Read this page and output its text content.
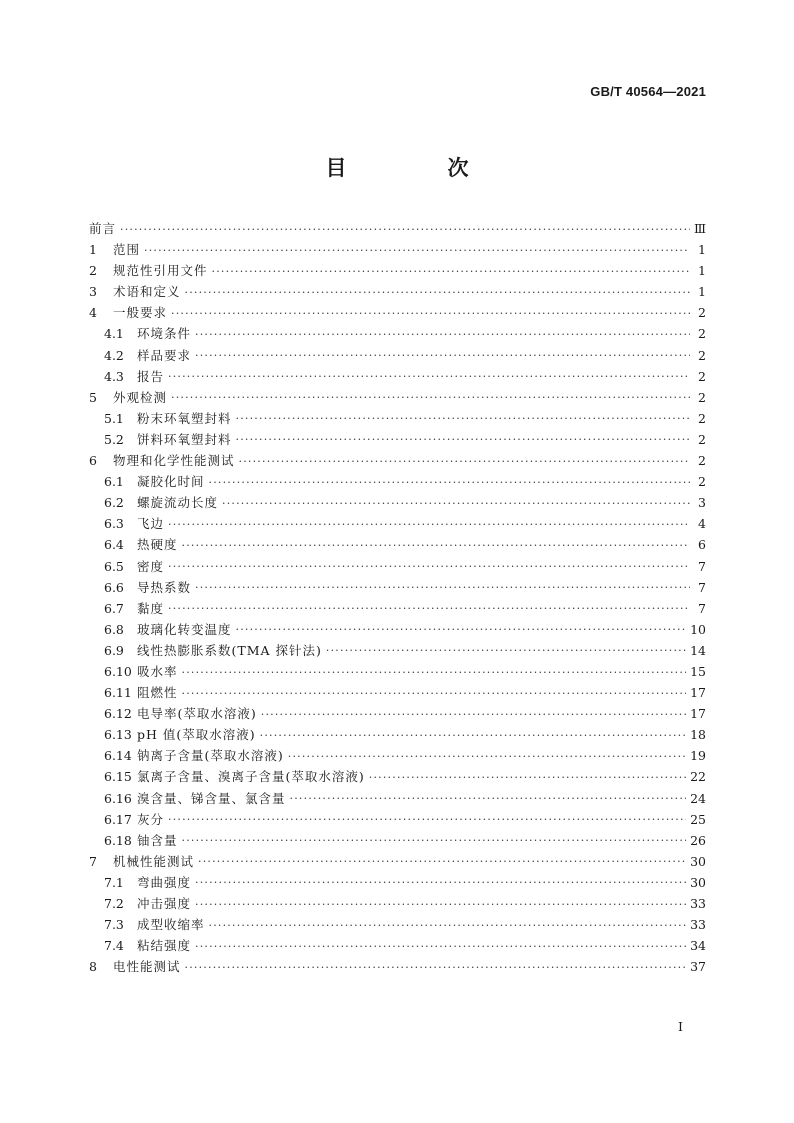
GB/T 40564—2021
目　次
前言 ·····	Ⅲ
1	范围 ·····	1
2	规范性引用文件 ·····	1
3	术语和定义 ·····	1
4	一般要求 ·····	2
4.1	环境条件 ·····	2
4.2	样品要求 ·····	2
4.3	报告 ·····	2
5	外观检测 ·····	2
5.1	粉末环氧塑封料 ·····	2
5.2	饼料环氧塑封料 ·····	2
6	物理和化学性能测试 ·····	2
6.1	凝胶化时间 ·····	2
6.2	螺旋流动长度 ·····	3
6.3	飞边 ·····	4
6.4	热硬度 ·····	6
6.5	密度 ·····	7
6.6	导热系数 ·····	7
6.7	黏度 ·····	7
6.8	玻璃化转变温度 ·····	10
6.9	线性热膨胀系数(TMA 探针法) ·····	14
6.10 吸水率 ·····	15
6.11 阻燃性 ·····	17
6.12 电导率(萃取水溶液) ·····	17
6.13 pH 值(萃取水溶液) ·····	18
6.14 钠离子含量(萃取水溶液) ·····	19
6.15 氯离子含量、溴离子含量(萃取水溶液) ·····	22
6.16 溴含量、锑含量、氯含量 ·····	24
6.17 灰分 ·····	25
6.18 铀含量 ·····	26
7	机械性能测试 ·····	30
7.1	弯曲强度 ·····	30
7.2	冲击强度 ·····	33
7.3	成型收缩率 ·····	33
7.4	粘结强度 ·····	34
8	电性能测试 ·····	37
I
